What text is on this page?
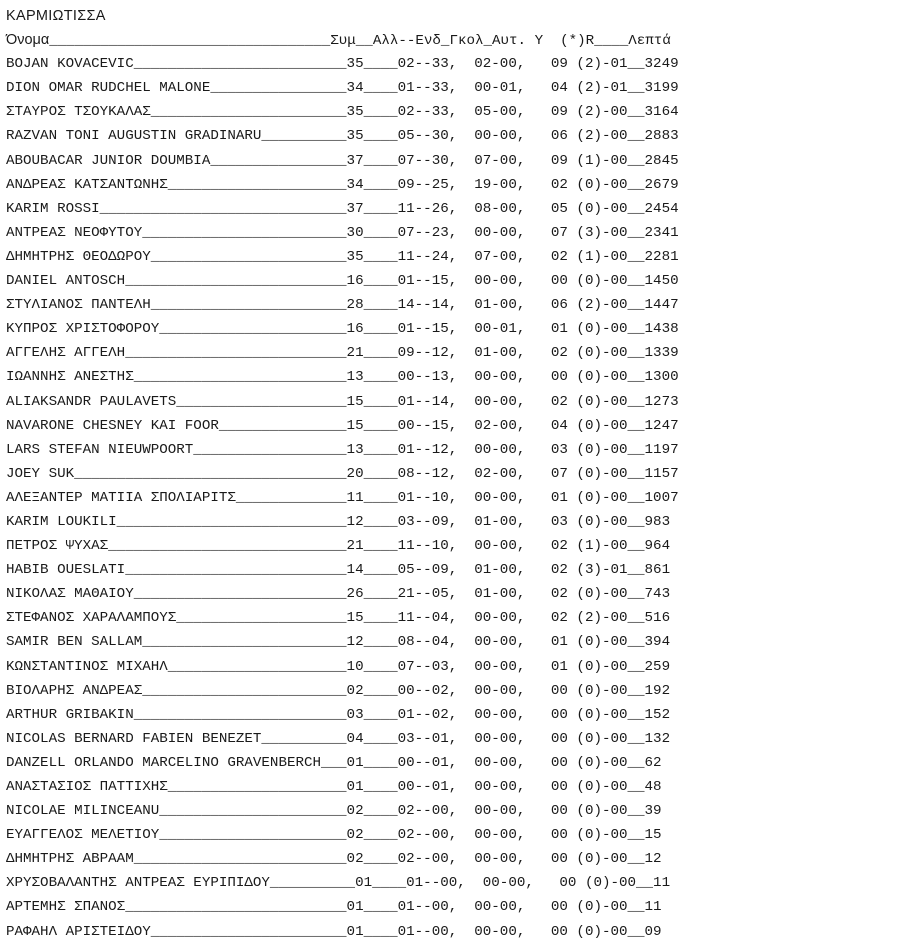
ΚΑΡΜΙΩΤΙΣΣΑ
Όνομα_________________________________Συμ__Αλλ--Ενδ_Γκολ_Αυτ. Υ  (*)R____Λεπτά
BOJAN KOVACEVIC_________________________35____02--33,  02-00,   09 (2)-01__3249
DION OMAR RUDCHEL MALONE________________34____01--33,  00-01,   04 (2)-01__3199
ΣΤΑΥΡΟΣ ΤΣΟΥΚΑΛΑΣ_______________________35____02--33,  05-00,   09 (2)-00__3164
RAZVAN TONI AUGUSTIN GRADINARU__________35____05--30,  00-00,   06 (2)-00__2883
ABOUBACAR JUNIOR DOUMBIA________________37____07--30,  07-00,   09 (1)-00__2845
ΑΝΔΡΕΑΣ ΚΑΤΣΑΝΤΩΝΗΣ_____________________34____09--25,  19-00,   02 (0)-00__2679
KARIM ROSSI_____________________________37____11--26,  08-00,   05 (0)-00__2454
ΑΝΤΡΕΑΣ ΝΕΟΦΥΤΟΥ________________________30____07--23,  00-00,   07 (3)-00__2341
ΔΗΜΗΤΡΗΣ ΘΕΟΔΩΡΟΥ_______________________35____11--24,  07-00,   02 (1)-00__2281
DANIEL ANTOSCH__________________________16____01--15,  00-00,   00 (0)-00__1450
ΣΤΥΛΙΑΝΟΣ ΠΑΝΤΕΛΗ_______________________28____14--14,  01-00,   06 (2)-00__1447
ΚΥΠΡΟΣ ΧΡΙΣΤΟΦΟΡΟΥ______________________16____01--15,  00-01,   01 (0)-00__1438
ΑΓΓΕΛΗΣ ΑΓΓΕΛΗ__________________________21____09--12,  01-00,   02 (0)-00__1339
ΙΩΑΝΝΗΣ ΑΝΕΣΤΗΣ_________________________13____00--13,  00-00,   00 (0)-00__1300
ALIAKSANDR PAULAVETS____________________15____01--14,  00-00,   02 (0)-00__1273
NAVARONE CHESNEY KAI FOOR_______________15____00--15,  02-00,   04 (0)-00__1247
LARS STEFAN NIEUWPOORT__________________13____01--12,  00-00,   03 (0)-00__1197
JOEY SUK________________________________20____08--12,  02-00,   07 (0)-00__1157
ΑΛΕΞΑΝΤΕΡ ΜΑΤΙΙΑ ΣΠΟΛΙΑΡΙΤΣ_____________11____01--10,  00-00,   01 (0)-00__1007
KARIM LOUKILI___________________________12____03--09,  01-00,   03 (0)-00__983
ΠΕΤΡΟΣ ΨΥΧΑΣ____________________________21____11--10,  00-00,   02 (1)-00__964
HABIB OUESLATI__________________________14____05--09,  01-00,   02 (3)-01__861
ΝΙΚΟΛΑΣ ΜΑΘΑΙΟΥ_________________________26____21--05,  01-00,   02 (0)-00__743
ΣΤΕΦΑΝΟΣ ΧΑΡΑΛΑΜΠΟΥΣ____________________15____11--04,  00-00,   02 (2)-00__516
SAMIR BEN SALLAM________________________12____08--04,  00-00,   01 (0)-00__394
ΚΩΝΣΤΑΝΤΙΝΟΣ ΜΙΧΑΗΛ_____________________10____07--03,  00-00,   01 (0)-00__259
ΒΙΟΛΑΡΗΣ ΑΝΔΡΕΑΣ________________________02____00--02,  00-00,   00 (0)-00__192
ARTHUR GRIBAKIN_________________________03____01--02,  00-00,   00 (0)-00__152
NICOLAS BERNARD FABIEN BENEZET__________04____03--01,  00-00,   00 (0)-00__132
DANZELL ORLANDO MARCELINO GRAVENBERCH___01____00--01,  00-00,   00 (0)-00__62
ΑΝΑΣΤΑΣΙΟΣ ΠΑΤΤΙΧΗΣ_____________________01____00--01,  00-00,   00 (0)-00__48
NICOLAE MILINCEANU______________________02____02--00,  00-00,   00 (0)-00__39
ΕΥΑΓΓΕΛΟΣ ΜΕΛΕΤΙΟΥ______________________02____02--00,  00-00,   00 (0)-00__15
ΔΗΜΗΤΡΗΣ ΑΒΡΑΑΜ_________________________02____02--00,  00-00,   00 (0)-00__12
ΧΡΥΣΟΒΑΛΑΝΤΗΣ ΑΝΤΡΕΑΣ ΕΥΡΙΠΙΔΟΥ__________01____01--00,  00-00,   00 (0)-00__11
ΑΡΤΕΜΗΣ ΣΠΑΝΟΣ__________________________01____01--00,  00-00,   00 (0)-00__11
ΡΑΦΑΗΛ ΑΡΙΣΤΕΙΔΟΥ_______________________01____01--00,  00-00,   00 (0)-00__09
